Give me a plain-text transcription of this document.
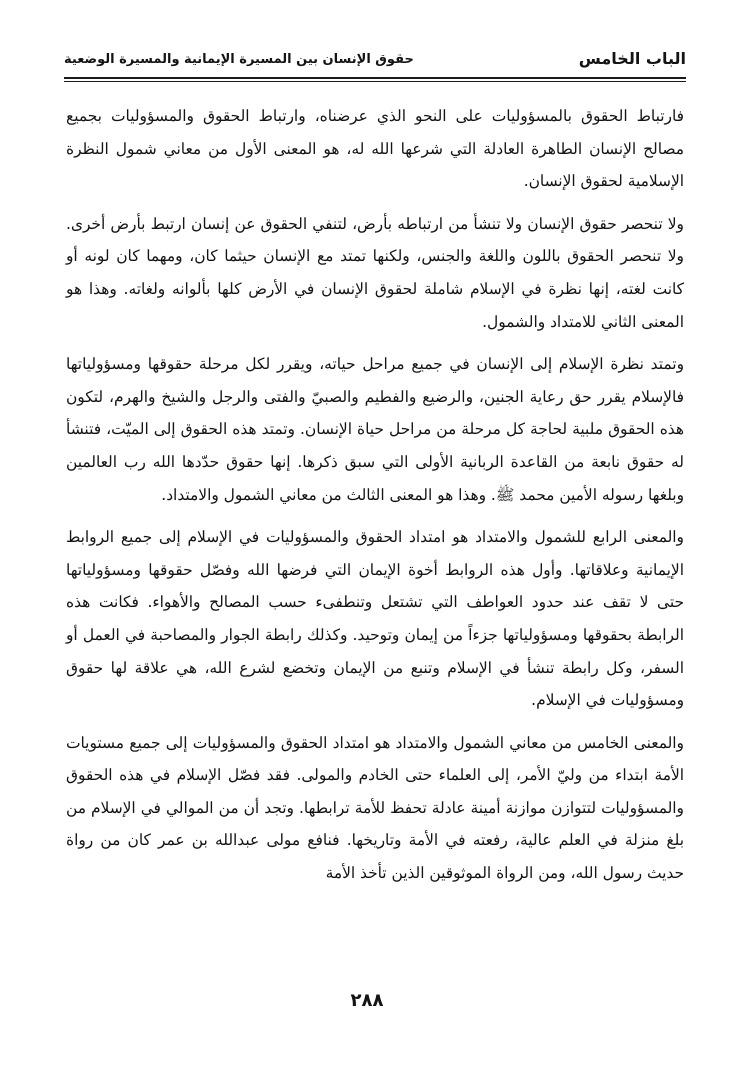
الباب الخامس
حقوق الإنسان بين المسيرة الإيمانية والمسيرة الوضعية

فارتباط الحقوق بالمسؤوليات على النحو الذي عرضناه، وارتباط الحقوق والمسؤوليات بجميع مصالح الإنسان الطاهرة العادلة التي شرعها الله له، هو المعنى الأول من معاني شمول النظرة الإسلامية لحقوق الإنسان.

ولا تنحصر حقوق الإنسان ولا تنشأ من ارتباطه بأرض، لتنفي الحقوق عن إنسان ارتبط بأرض أخرى. ولا تنحصر الحقوق باللون واللغة والجنس، ولكنها تمتد مع الإنسان حيثما كان، ومهما كان لونه أو كانت لغته، إنها نظرة في الإسلام شاملة لحقوق الإنسان في الأرض كلها بألوانه ولغاته. وهذا هو المعنى الثاني للامتداد والشمول.

وتمتد نظرة الإسلام إلى الإنسان في جميع مراحل حياته، ويقرر لكل مرحلة حقوقها ومسؤولياتها فالإسلام يقرر حق رعاية الجنين، والرضيع والفطيم والصبيّ والفتى والرجل والشيخ والهرم، لتكون هذه الحقوق ملبية لحاجة كل مرحلة من مراحل حياة الإنسان. وتمتد هذه الحقوق إلى الميّت، فتنشأ له حقوق نابعة من القاعدة الربانية الأولى التي سبق ذكرها. إنها حقوق حدّدها الله رب العالمين وبلغها رسوله الأمين محمد ﷺ. وهذا هو المعنى الثالث من معاني الشمول والامتداد.

والمعنى الرابع للشمول والامتداد هو امتداد الحقوق والمسؤوليات في الإسلام إلى جميع الروابط الإيمانية وعلاقاتها. وأول هذه الروابط أخوة الإيمان التي فرضها الله وفصّل حقوقها ومسؤولياتها حتى لا تقف عند حدود العواطف التي تشتعل وتنطفىء حسب المصالح والأهواء. فكانت هذه الرابطة بحقوقها ومسؤولياتها جزءاً من إيمان وتوحيد. وكذلك رابطة الجوار والمصاحبة في العمل أو السفر، وكل رابطة تنشأ في الإسلام وتنبع من الإيمان وتخضع لشرع الله، هي علاقة لها حقوق ومسؤوليات في الإسلام.

والمعنى الخامس من معاني الشمول والامتداد هو امتداد الحقوق والمسؤوليات إلى جميع مستويات الأمة ابتداء من وليّ الأمر، إلى العلماء حتى الخادم والمولى. فقد فصّل الإسلام في هذه الحقوق والمسؤوليات لتتوازن موازنة أمينة عادلة تحفظ للأمة ترابطها. وتجد أن من الموالي في الإسلام من بلغ منزلة في العلم عالية، رفعته في الأمة وتاريخها. فنافع مولى عبدالله بن عمر كان من رواة حديث رسول الله، ومن الرواة الموثوقين الذين تأخذ الأمة

٢٨٨
